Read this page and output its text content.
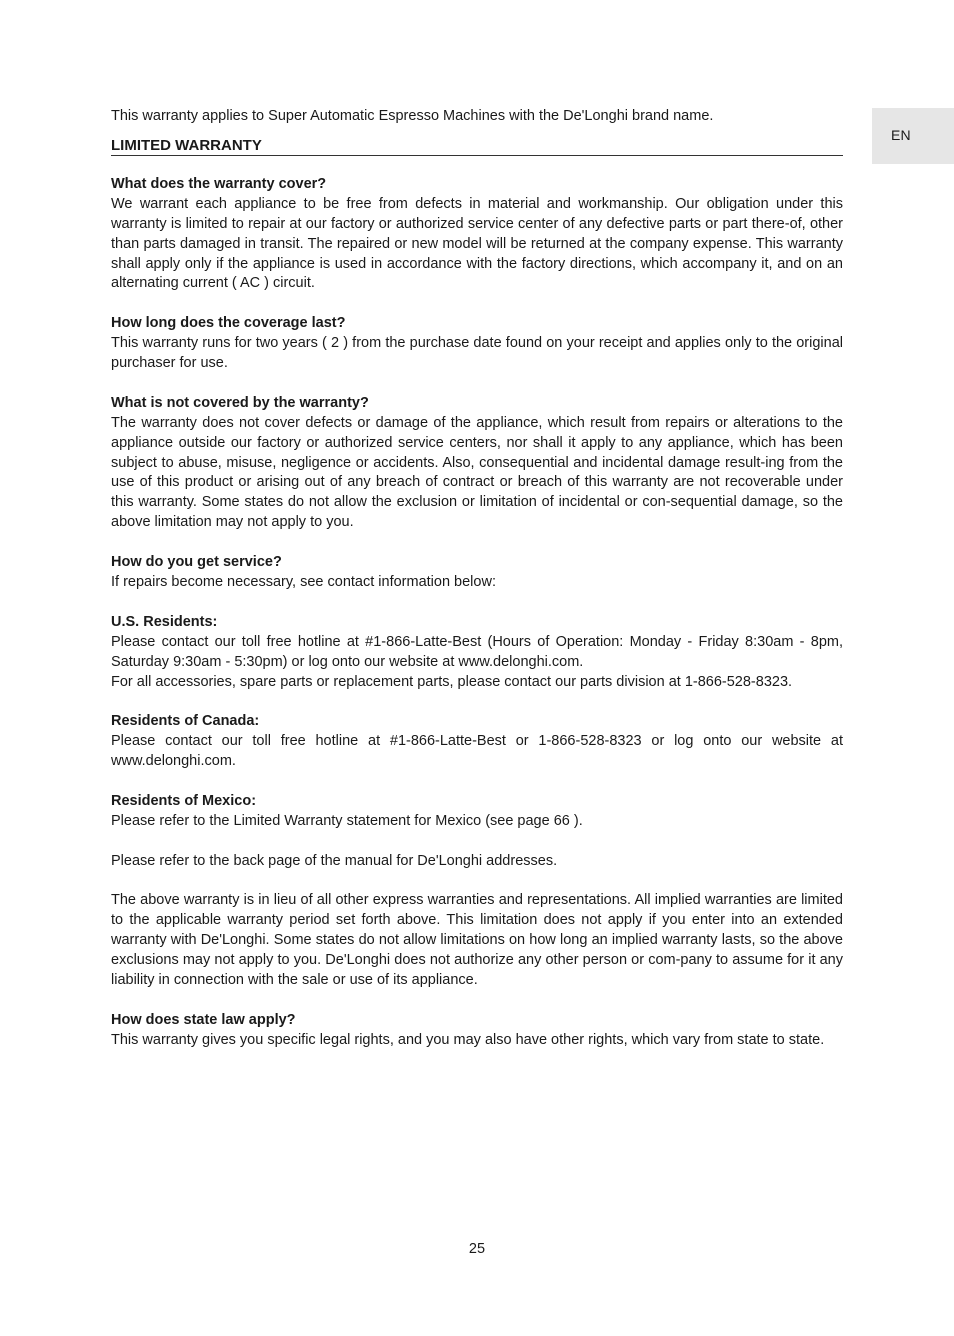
EN

This warranty applies to Super Automatic Espresso Machines with the De'Longhi brand name.

LIMITED WARRANTY
What does the warranty cover?

We warrant each appliance to be free from defects in material and workmanship. Our obligation under this warranty is limited to repair at our factory or authorized service center of any defective parts or part there-of, other than parts damaged in transit. The repaired or new model will be returned at the company expense. This warranty shall apply only if the appliance is used in accordance with the factory directions, which accompany it, and on an alternating current ( AC ) circuit.

How long does the coverage last?

This warranty runs for two years ( 2 ) from the purchase date found on your receipt and applies only to the original purchaser for use.

What is not covered by the warranty?

The warranty does not cover defects or damage of the appliance, which result from repairs or alterations to the appliance outside our factory or authorized service centers, nor shall it apply to any appliance, which has been subject to abuse, misuse, negligence or accidents. Also, consequential and incidental damage result-ing from the use of this product or arising out of any breach of contract or breach of this warranty are not recoverable under this warranty. Some states do not allow the exclusion or limitation of incidental or con-sequential damage, so the above limitation may not apply to you.

How do you get service?

If repairs become necessary, see contact information below:

U.S. Residents:

Please contact our toll free hotline at #1-866-Latte-Best (Hours of Operation: Monday - Friday 8:30am - 8pm, Saturday 9:30am - 5:30pm) or log onto our website at www.delonghi.com.

For all accessories, spare parts or replacement parts, please contact our parts division at 1-866-528-8323.

Residents of Canada:

Please contact our toll free hotline at #1-866-Latte-Best or 1-866-528-8323 or log onto our website at www.delonghi.com.

Residents of Mexico:

Please refer to the Limited Warranty statement for Mexico (see page 66 ).

Please refer to the back page of the manual for De'Longhi addresses.

The above warranty is in lieu of all other express warranties and representations. All implied warranties are limited to the applicable warranty period set forth above. This limitation does not apply if you enter into an extended warranty with De'Longhi. Some states do not allow limitations on how long an implied warranty lasts, so the above exclusions may not apply to you. De'Longhi does not authorize any other person or com-pany to assume for it any liability in connection with the sale or use of its appliance.

How does state law apply?

This warranty gives you specific legal rights, and you may also have other rights, which vary from state to state.

25
